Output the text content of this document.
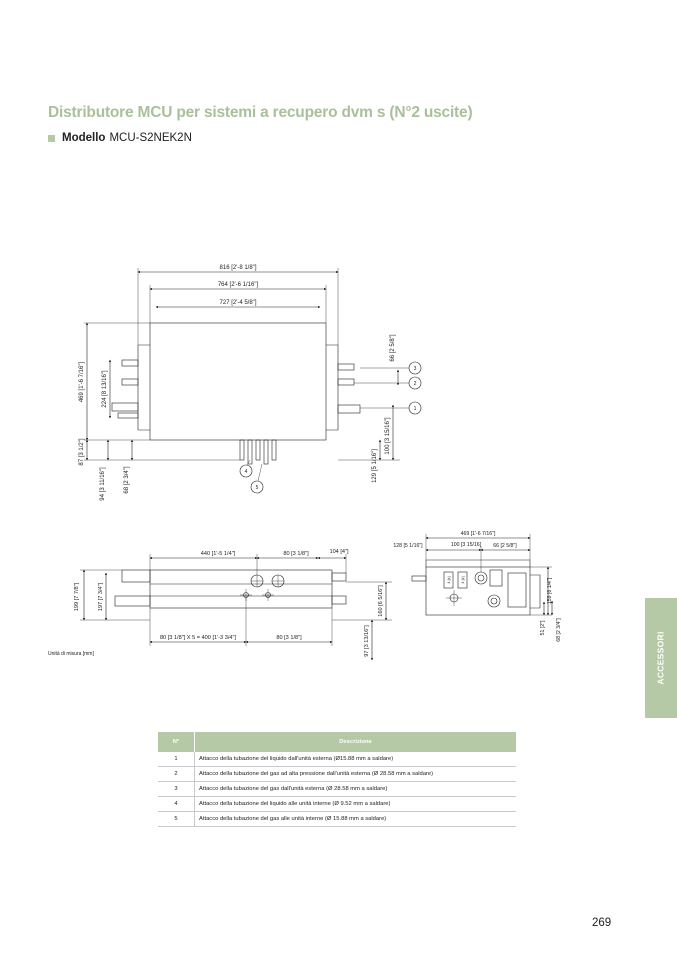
Distributore MCU per sistemi a recupero dvm s (N°2 uscite)
Modello MCU-S2NEK2N
816 [2'-8 1/8"]
764 [2'-6 1/16"]
727 [2'-4 5/8"]
469 [1'-6 7/16"]	224 [8 13/16"]
87 [3 1/2"]
94 [3 11/16"]	68 [2 3/4"]
66 [2 5/8"]
100 [3 15/16"]
129 [5 1/16"]
3
2
1
4
5
440 [1'-5 1/4"]	80 [3 1/8"]	104 [4"]
199 [7 7/8"]	197 [7 3/4"]	160 [6 5/16"]
97 [3 13/16"]
80 [3 1/8"] X 5 = 400 [1'-3 3/4"]	80 [3 1/8"]
469 [1'-6 7/16"]
128 [5 1/16"]	100 [3 15/16] 66 [2 5/8"]
159 [6 1/4"]
51 [2"] 68 [2 3/4"]
4 [x]	4 [x]
Unità di misura [mm]	ACCESSORI
N°	Descrizione
1	Attacco della tubazione del liquido dall'unità esterna (Ø15.88 mm a saldare)
2	Attacco della tubazione del gas ad alta pressione dall'unità esterna (Ø 28.58 mm a saldare)
3	Attacco della tubazione del gas dall'unità esterna (Ø 28.58 mm a saldare)
4	Attacco della tubazione del liquido alle unità interne (Ø 9.52 mm a saldare)
5	Attacco della tubazione del gas alle unità interne (Ø 15.88 mm a saldare)
269
